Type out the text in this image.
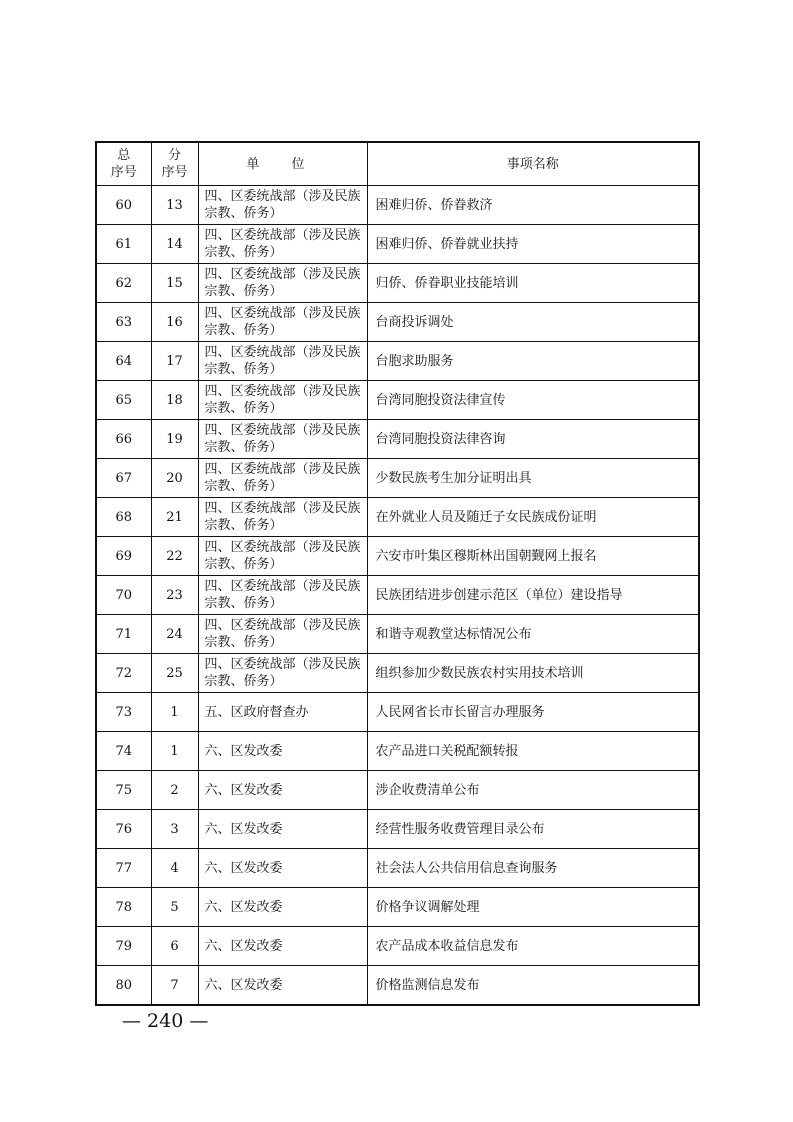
总
序号	分
序号	单 位	事项名称
60	13	四、区委统战部（涉及民族宗教、侨务）	困难归侨、侨眷救济
61	14	四、区委统战部（涉及民族宗教、侨务）	困难归侨、侨眷就业扶持
62	15	四、区委统战部（涉及民族宗教、侨务）	归侨、侨眷职业技能培训
63	16	四、区委统战部（涉及民族宗教、侨务）	台商投诉调处
64	17	四、区委统战部（涉及民族宗教、侨务）	台胞求助服务
65	18	四、区委统战部（涉及民族宗教、侨务）	台湾同胞投资法律宣传
66	19	四、区委统战部（涉及民族宗教、侨务）	台湾同胞投资法律咨询
67	20	四、区委统战部（涉及民族宗教、侨务）	少数民族考生加分证明出具
68	21	四、区委统战部（涉及民族宗教、侨务）	在外就业人员及随迁子女民族成份证明
69	22	四、区委统战部（涉及民族宗教、侨务）	六安市叶集区穆斯林出国朝觐网上报名
70	23	四、区委统战部（涉及民族宗教、侨务）	民族团结进步创建示范区（单位）建设指导
71	24	四、区委统战部（涉及民族宗教、侨务）	和谐寺观教堂达标情况公布
72	25	四、区委统战部（涉及民族宗教、侨务）	组织参加少数民族农村实用技术培训
73	1	五、区政府督查办	人民网省长市长留言办理服务
74	1	六、区发改委	农产品进口关税配额转报
75	2	六、区发改委	涉企收费清单公布
76	3	六、区发改委	经营性服务收费管理目录公布
77	4	六、区发改委	社会法人公共信用信息查询服务
78	5	六、区发改委	价格争议调解处理
79	6	六、区发改委	农产品成本收益信息发布
80	7	六、区发改委	价格监测信息发布
— 240 —
